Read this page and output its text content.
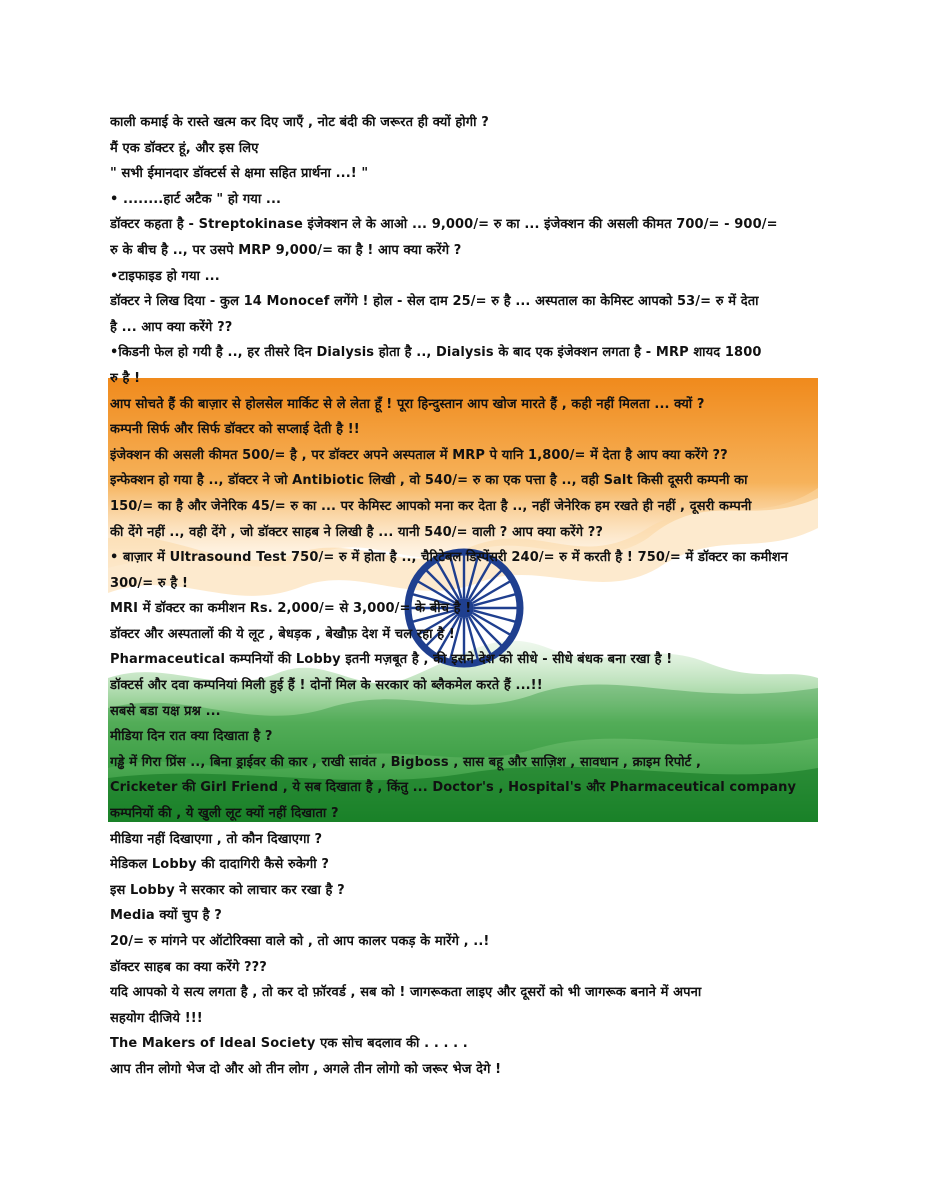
काली कमाई के रास्ते खत्म कर दिए जाएँ , नोट बंदी की जरूरत ही क्यों होगी ?
मैं एक डॉक्टर हूं, और इस लिए
" सभी ईमानदार डॉक्टर्स से क्षमा सहित प्रार्थना ...! "
• ........हार्ट अटैक " हो गया ...
डॉक्टर कहता है - Streptokinase इंजेक्शन ले के आओ ... 9,000/= रु का ... इंजेक्शन की असली कीमत 700/= - 900/=
रु के बीच है .., पर उसपे MRP 9,000/= का है ! आप क्या करेंगे ?
•टाइफाइड हो गया ...
डॉक्टर ने लिख दिया - कुल 14 Monocef लगेंगे ! होल - सेल दाम 25/= रु है ... अस्पताल का केमिस्ट आपको 53/= रु में देता
है ... आप क्या करेंगे ??
•किडनी फेल हो गयी है .., हर तीसरे दिन Dialysis होता है .., Dialysis के बाद एक इंजेक्शन लगता है - MRP शायद 1800
रु है !
आप सोचते हैं की बाज़ार से होलसेल मार्किट से ले लेता हूँ ! पूरा हिन्दुस्तान आप खोज मारते हैं , कही नहीं मिलता ... क्यों ?
कम्पनी सिर्फ और सिर्फ डॉक्टर को सप्लाई देती है !!
इंजेक्शन की असली कीमत 500/= है , पर डॉक्टर अपने अस्पताल में MRP पे यानि 1,800/= में देता है आप क्या करेंगे ??
इन्फेक्शन हो गया है .., डॉक्टर ने जो Antibiotic लिखी , वो 540/= रु का एक पत्ता है .., वही Salt किसी दूसरी कम्पनी का
150/= का है और जेनेरिक 45/= रु का ... पर केमिस्ट आपको मना कर देता है .., नहीं जेनेरिक हम रखते ही नहीं , दूसरी कम्पनी
की देंगे नहीं .., वही देंगे , जो डॉक्टर साहब ने लिखी है ... यानी 540/= वाली ? आप क्या करेंगे ??
• बाज़ार में Ultrasound Test 750/= रु में होता है .., चैरिटेबल डिस्पेंसरी 240/= रु में करती है ! 750/= में डॉक्टर का कमीशन
300/= रु है !
MRI में डॉक्टर का कमीशन Rs. 2,000/= से 3,000/= के बीच है !
डॉक्टर और अस्पतालों की ये लूट , बेधड़क , बेखौफ़ देश में चल रहा है !
Pharmaceutical कम्पनियों की Lobby इतनी मज़बूत है , की इसने देश को सीधे - सीधे बंधक बना रखा है !
डॉक्टर्स और दवा कम्पनियां मिली हुई हैं ! दोनों मिल के सरकार को ब्लैकमेल करते हैं ...!!
सबसे बडा यक्ष प्रश्न ...
मीडिया दिन रात क्या दिखाता है ?
गड्ढे में गिरा प्रिंस .., बिना ड्राईवर की कार , राखी सावंत , Bigboss , सास बहू और साज़िश , सावधान , क्राइम रिपोर्ट ,
Cricketer की Girl Friend , ये सब दिखाता है , किंतु ... Doctor's , Hospital's और Pharmaceutical company
कम्पनियों की , ये खुली लूट क्यों नहीं दिखाता ?
मीडिया नहीं दिखाएगा , तो कौन दिखाएगा ?
मेडिकल Lobby की दादागिरी कैसे रुकेगी ?
इस Lobby ने सरकार को लाचार कर रखा है ?
Media क्यों चुप है ?
20/= रु मांगने पर ऑटोरिक्सा वाले को , तो आप कालर पकड़ के मारेंगे , ..!
डॉक्टर साहब का क्या करेंगे ???
यदि आपको ये सत्य लगता है , तो कर दो फ़ॉरवर्ड , सब को ! जागरूकता लाइए और दूसरों को भी जागरूक बनाने में अपना
सहयोग दीजिये !!!
The Makers of Ideal Society एक सोच बदलाव की . . . . .
आप तीन लोगो भेज दो और ओ तीन लोग , अगले तीन लोगो को जरूर भेज देगे !
